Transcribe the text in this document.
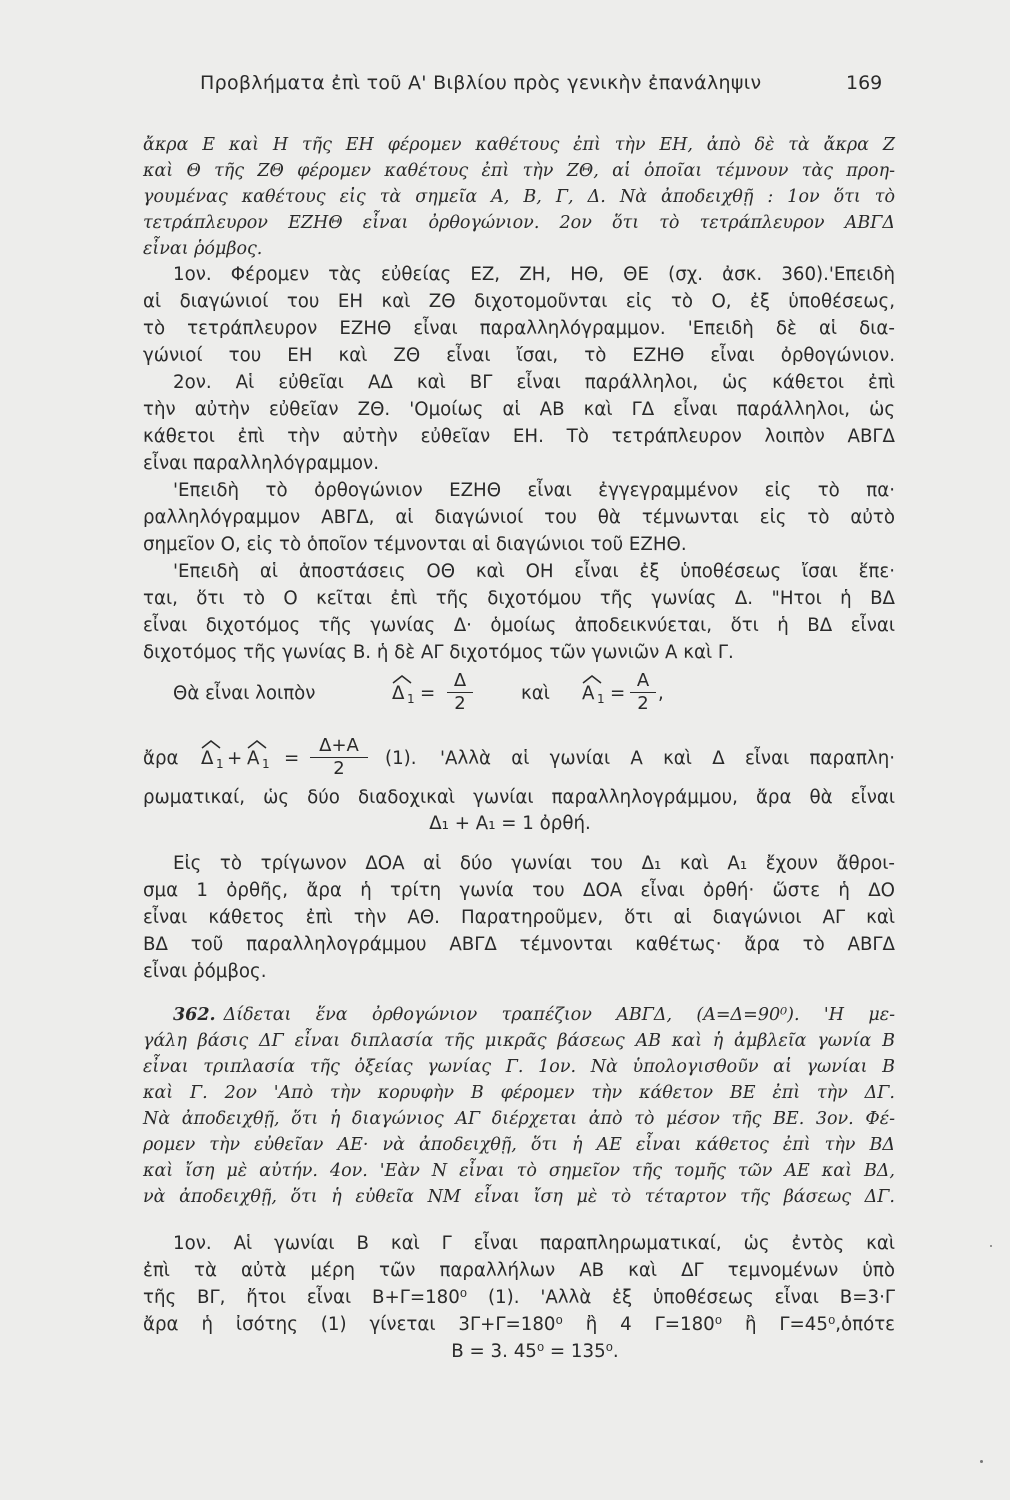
Προβλήματα ἐπὶ τοῦ Α' Βιβλίου πρὸς γενικὴν ἐπανάληψιν	169
ἄκρα Ε καὶ Η τῆς ΕΗ φέρομεν καθέτους ἐπὶ τὴν ΕΗ, ἀπὸ δὲ τὰ ἄκρα Ζ
καὶ Θ τῆς ΖΘ φέρομεν καθέτους ἐπὶ τὴν ΖΘ, αἱ ὁποῖαι τέμνουν τὰς προη-
γουμένας καθέτους εἰς τὰ σημεῖα Α, Β, Γ, Δ. Νὰ ἀποδειχθῇ : 1ον ὅτι τὸ
τετράπλευρον ΕΖΗΘ εἶναι ὀρθογώνιον. 2ον ὅτι τὸ τετράπλευρον ΑΒΓΔ
εἶναι ῥόμβος.
1ον. Φέρομεν τὰς εὐθείας ΕΖ, ΖΗ, ΗΘ, ΘΕ (σχ. ἀσκ. 360).'Επειδὴ
αἱ διαγώνιοί του ΕΗ καὶ ΖΘ διχοτομοῦνται εἰς τὸ Ο, ἐξ ὑποθέσεως,
τὸ τετράπλευρον ΕΖΗΘ εἶναι παραλληλόγραμμον. 'Επειδὴ δὲ αἱ δια-
γώνιοί του ΕΗ καὶ ΖΘ εἶναι ἴσαι, τὸ ΕΖΗΘ εἶναι ὀρθογώνιον.
2ον. Αἱ εὐθεῖαι ΑΔ καὶ ΒΓ εἶναι παράλληλοι, ὡς κάθετοι ἐπὶ
τὴν αὐτὴν εὐθεῖαν ΖΘ. 'Ομοίως αἱ ΑΒ καὶ ΓΔ εἶναι παράλληλοι, ὡς
κάθετοι ἐπὶ τὴν αὐτὴν εὐθεῖαν ΕΗ. Τὸ τετράπλευρον λοιπὸν ΑΒΓΔ
εἶναι παραλληλόγραμμον.
'Επειδὴ τὸ ὀρθογώνιον ΕΖΗΘ εἶναι ἐγγεγραμμένον εἰς τὸ πα·
ραλληλόγραμμον ΑΒΓΔ, αἱ διαγώνιοί του θὰ τέμνωνται εἰς τὸ αὐτὸ
σημεῖον Ο, εἰς τὸ ὁποῖον τέμνονται αἱ διαγώνιοι τοῦ ΕΖΗΘ.
'Επειδὴ αἱ ἀποστάσεις ΟΘ καὶ ΟΗ εἶναι ἐξ ὑποθέσεως ἴσαι ἕπε·
ται, ὅτι τὸ Ο κεῖται ἐπὶ τῆς διχοτόμου τῆς γωνίας Δ. "Ητοι ἡ ΒΔ
εἶναι διχοτόμος τῆς γωνίας Δ· ὁμοίως ἀποδεικνύεται, ὅτι ἡ ΒΔ εἶναι
διχοτόμος τῆς γωνίας Β. ἡ δὲ ΑΓ διχοτόμος τῶν γωνιῶν Α καὶ Γ.
Θὰ εἶναι λοιπὸν	Δ 1 =
Δ
2	καὶ Α 1 =
Α
2 ,
ἄρα Δ 1 + Α 1 =
Δ+Α
2	(1). 'Αλλὰ αἱ γωνίαι Α καὶ Δ εἶναι παραπλη·
ρωματικαί, ὡς δύο διαδοχικαὶ γωνίαι παραλληλογράμμου, ἄρα θὰ εἶναι
Δ₁ + Α₁ = 1 ὀρθή.
Εἰς τὸ τρίγωνον ΔΟΑ αἱ δύο γωνίαι του Δ₁ καὶ Α₁ ἔχουν ἄθροι-
σμα 1 ὀρθῆς, ἄρα ἡ τρίτη γωνία του ΔΟΑ εἶναι ὀρθή· ὥστε ἡ ΔΟ
εἶναι κάθετος ἐπὶ τὴν ΑΘ. Παρατηροῦμεν, ὅτι αἱ διαγώνιοι ΑΓ καὶ
ΒΔ τοῦ παραλληλογράμμου ΑΒΓΔ τέμνονται καθέτως· ἄρα τὸ ΑΒΓΔ
εἶναι ῥόμβος.
362. Δίδεται ἕνα ὀρθογώνιον τραπέζιον ΑΒΓΔ, (Α=Δ=90⁰). 'Η με-
γάλη βάσις ΔΓ εἶναι διπλασία τῆς μικρᾶς βάσεως ΑΒ καὶ ἡ ἀμβλεῖα γωνία Β
εἶναι τριπλασία τῆς ὀξείας γωνίας Γ. 1ον. Νὰ ὑπολογισθοῦν αἱ γωνίαι Β
καὶ Γ. 2ον 'Απὸ τὴν κορυφὴν Β φέρομεν τὴν κάθετον ΒΕ ἐπὶ τὴν ΔΓ.
Νὰ ἀποδειχθῇ, ὅτι ἡ διαγώνιος ΑΓ διέρχεται ἀπὸ τὸ μέσον τῆς ΒΕ. 3ον. Φέ-
ρομεν τὴν εὐθεῖαν ΑΕ· νὰ ἀποδειχθῇ, ὅτι ἡ ΑΕ εἶναι κάθετος ἐπὶ τὴν ΒΔ
καὶ ἴση μὲ αὐτήν. 4ον. 'Εὰν Ν εἶναι τὸ σημεῖον τῆς τομῆς τῶν ΑΕ καὶ ΒΔ,
νὰ ἀποδειχθῇ, ὅτι ἡ εὐθεῖα ΝΜ εἶναι ἴση μὲ τὸ τέταρτον τῆς βάσεως ΔΓ.
1ον. Αἱ γωνίαι Β καὶ Γ εἶναι παραπληρωματικαί, ὡς ἐντὸς καὶ
ἐπὶ τὰ αὐτὰ μέρη τῶν παραλλήλων ΑΒ καὶ ΔΓ τεμνομένων ὑπὸ
τῆς ΒΓ, ἤτοι εἶναι Β+Γ=180⁰ (1). 'Αλλὰ ἐξ ὑποθέσεως εἶναι Β=3·Γ
ἄρα ἡ ἰσότης (1) γίνεται 3Γ+Γ=180⁰ ἢ 4 Γ=180⁰ ἢ Γ=45⁰,ὁπότε
Β = 3. 45⁰ = 135⁰.
